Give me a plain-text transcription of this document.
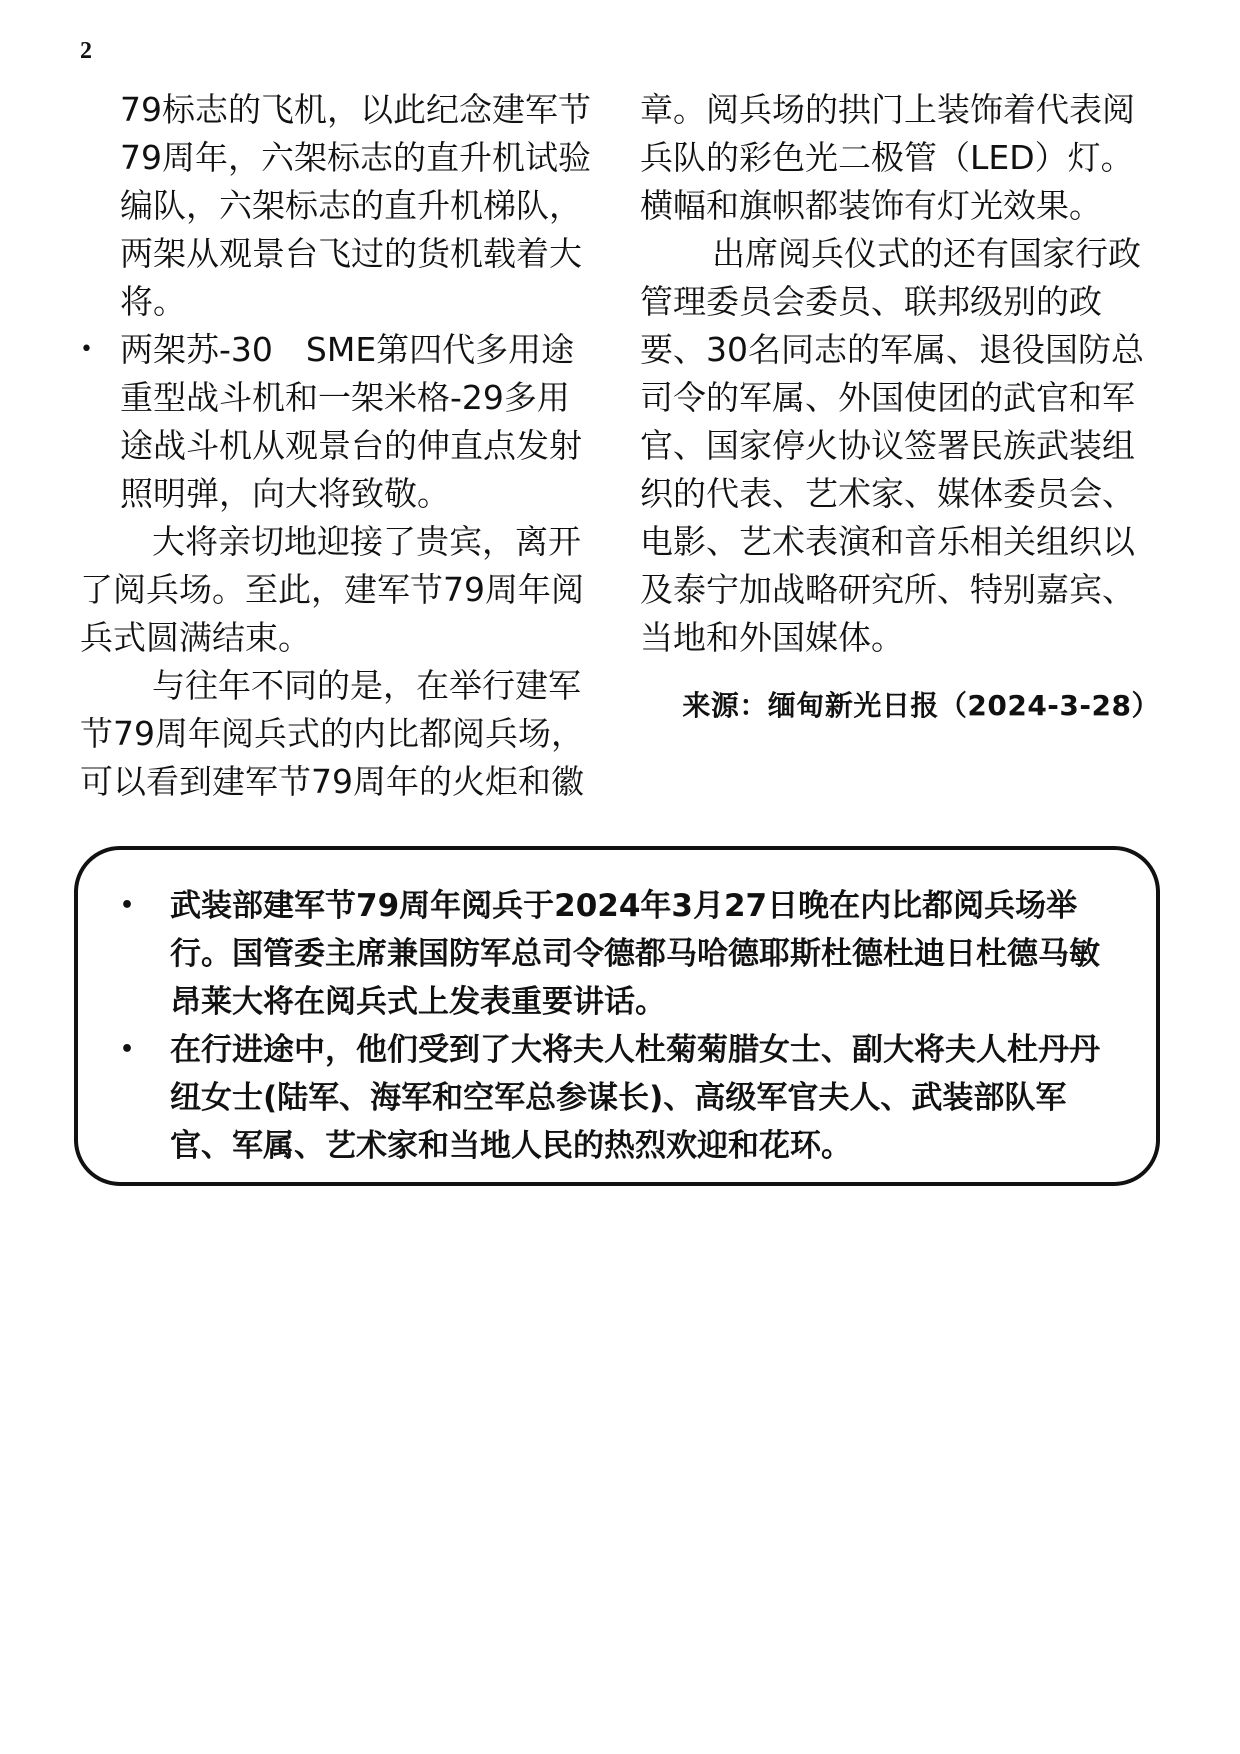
2

79标志的飞机，以此纪念建军节79周年，六架标志的直升机试验编队，六架标志的直升机梯队，两架从观景台飞过的货机载着大将。

• 两架苏-30　SME第四代多用途重型战斗机和一架米格-29多用途战斗机从观景台的伸直点发射照明弹，向大将致敬。

大将亲切地迎接了贵宾，离开了阅兵场。至此，建军节79周年阅兵式圆满结束。

与往年不同的是，在举行建军节79周年阅兵式的内比都阅兵场，可以看到建军节79周年的火炬和徽

章。阅兵场的拱门上装饰着代表阅兵队的彩色光二极管（LED）灯。横幅和旗帜都装饰有灯光效果。

出席阅兵仪式的还有国家行政管理委员会委员、联邦级别的政要、30名同志的军属、退役国防总司令的军属、外国使团的武官和军官、国家停火协议签署民族武装组织的代表、艺术家、媒体委员会、电影、艺术表演和音乐相关组织以及泰宁加战略研究所、特别嘉宾、当地和外国媒体。

来源：缅甸新光日报（2024-3-28）

• 武装部建军节79周年阅兵于2024年3月27日晚在内比都阅兵场举行。国管委主席兼国防军总司令德都马哈德耶斯杜德杜迪日杜德马敏昂莱大将在阅兵式上发表重要讲话。

• 在行进途中，他们受到了大将夫人杜菊菊腊女士、副大将夫人杜丹丹纽女士(陆军、海军和空军总参谋长)、高级军官夫人、武装部队军官、军属、艺术家和当地人民的热烈欢迎和花环。
